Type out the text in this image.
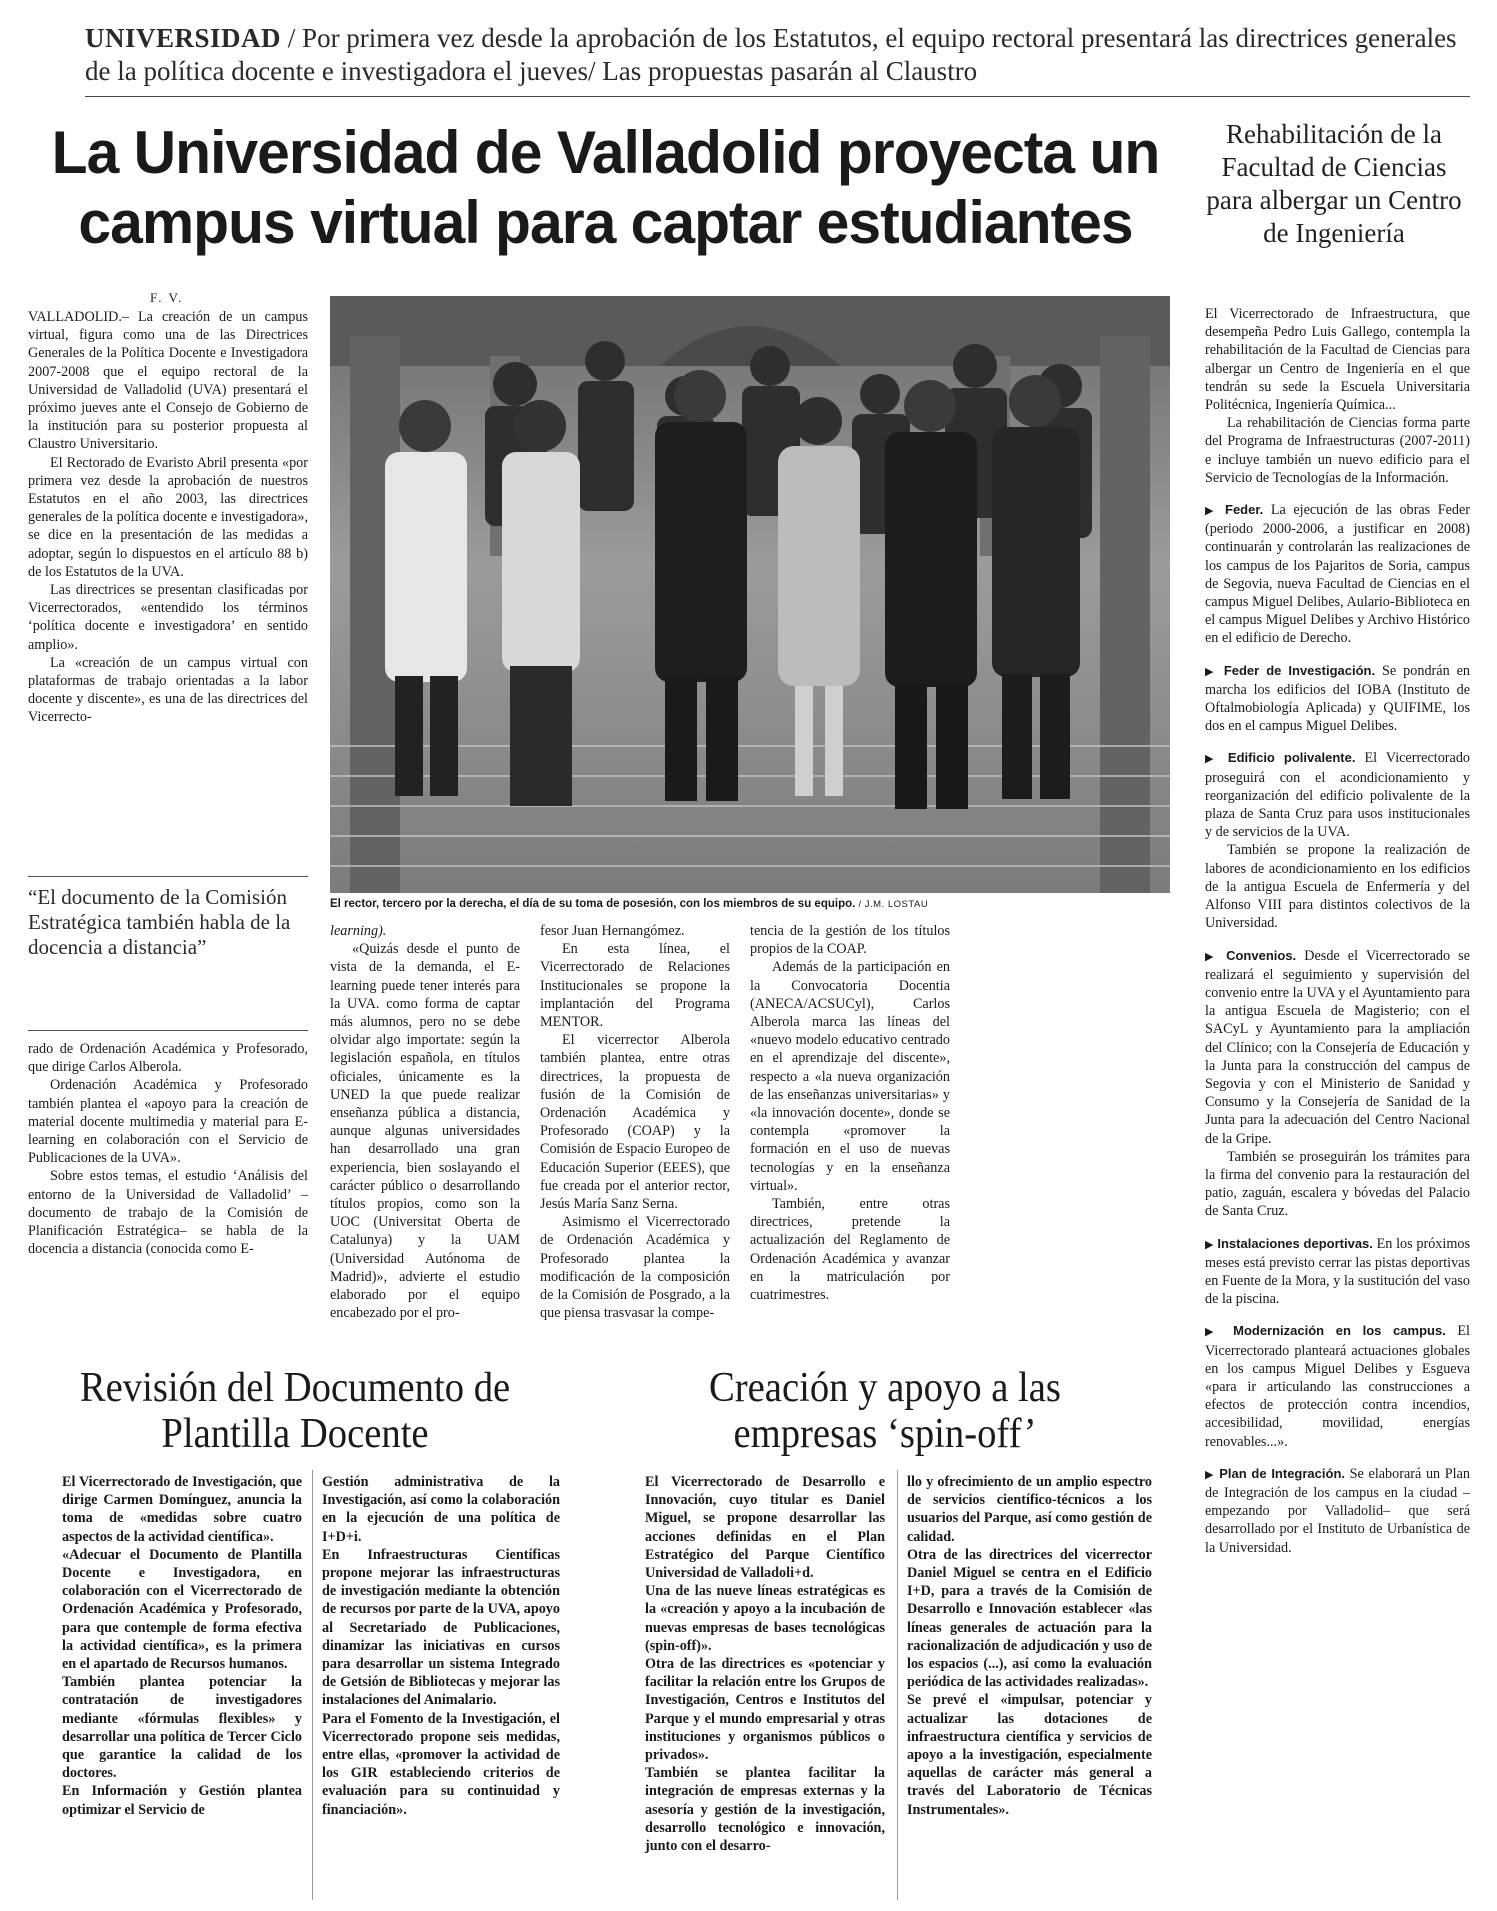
UNIVERSIDAD / Por primera vez desde la aprobación de los Estatutos, el equipo rectoral presentará las directrices generales de la política docente e investigadora el jueves/ Las propuestas pasarán al Claustro
La Universidad de Valladolid proyecta un campus virtual para captar estudiantes
F. V.

VALLADOLID.– La creación de un campus virtual, figura como una de las Directrices Generales de la Política Docente e Investigadora 2007-2008 que el equipo rectoral de la Universidad de Valladolid (UVA) presentará el próximo jueves ante el Consejo de Gobierno de la institución para su posterior propuesta al Claustro Universitario.

El Rectorado de Evaristo Abril presenta «por primera vez desde la aprobación de nuestros Estatutos en el año 2003, las directrices generales de la política docente e investigadora», se dice en la presentación de las medidas a adoptar, según lo dispuestos en el artículo 88 b) de los Estatutos de la UVA.

Las directrices se presentan clasificadas por Vicerrectorados, «entendido los términos ‘política docente e investigadora’ en sentido amplio».

La «creación de un campus virtual con plataformas de trabajo orientadas a la labor docente y discente», es una de las directrices del Vicerrecto-

“El documento de la Comisión Estratégica también habla de la docencia a distancia”

rado de Ordenación Académica y Profesorado, que dirige Carlos Alberola.

Ordenación Académica y Profesorado también plantea el «apoyo para la creación de material docente multimedia y material para E-learning en colaboración con el Servicio de Publicaciones de la UVA».

Sobre estos temas, el estudio ‘Análisis del entorno de la Universidad de Valladolid’ –documento de trabajo de la Comisión de Planificación Estratégica– se habla de la docencia a distancia (conocida como E-

El rector, tercero por la derecha, el día de su toma de posesión, con los miembros de su equipo. / J.M. LOSTAU

learning).

«Quizás desde el punto de vista de la demanda, el E-learning puede tener interés para la UVA. como forma de captar más alumnos, pero no se debe olvidar algo importate: según la legislación española, en títulos oficiales, únicamente es la UNED la que puede realizar enseñanza pública a distancia, aunque algunas universidades han desarrollado una gran experiencia, bien soslayando el carácter público o desarrollando títulos propios, como son la UOC (Universitat Oberta de Catalunya) y la UAM (Universidad Autónoma de Madrid)», advierte el estudio elaborado por el equipo encabezado por el pro-

fesor Juan Hernangómez.

En esta línea, el Vicerrectorado de Relaciones Institucionales se propone la implantación del Programa MENTOR.

El vicerrector Alberola también plantea, entre otras directrices, la propuesta de fusión de la Comisión de Ordenación Académica y Profesorado (COAP) y la Comisión de Espacio Europeo de Educación Superior (EEES), que fue creada por el anterior rector, Jesús María Sanz Serna.

Asimismo el Vicerrectorado de Ordenación Académica y Profesorado plantea la modificación de la composición de la Comisión de Posgrado, a la que piensa trasvasar la compe-

tencia de la gestión de los títulos propios de la COAP.

Además de la participación en la Convocatoria Docentia (ANECA/ACSUCyl), Carlos Alberola marca las líneas del «nuevo modelo educativo centrado en el aprendizaje del discente», respecto a «la nueva organización de las enseñanzas universitarias» y «la innovación docente», donde se contempla «promover la formación en el uso de nuevas tecnologías y en la enseñanza virtual».

También, entre otras directrices, pretende la actualización del Reglamento de Ordenación Académica y avanzar en la matriculación por cuatrimestres.

Rehabilitación de la Facultad de Ciencias para albergar un Centro de Ingeniería

El Vicerrectorado de Infraestructura, que desempeña Pedro Luis Gallego, contempla la rehabilitación de la Facultad de Ciencias para albergar un Centro de Ingeniería en el que tendrán su sede la Escuela Universitaria Politécnica, Ingeniería Química...

La rehabilitación de Ciencias forma parte del Programa de Infraestructuras (2007-2011) e incluye también un nuevo edificio para el Servicio de Tecnologías de la Información.

▶ Feder. La ejecución de las obras Feder (periodo 2000-2006, a justificar en 2008) continuarán y controlarán las realizaciones de los campus de los Pajaritos de Soria, campus de Segovia, nueva Facultad de Ciencias en el campus Miguel Delibes, Aulario-Biblioteca en el campus Miguel Delibes y Archivo Histórico en el edificio de Derecho.

▶ Feder de Investigación. Se pondrán en marcha los edificios del IOBA (Instituto de Oftalmobiología Aplicada) y QUIFIME, los dos en el campus Miguel Delibes.

▶ Edificio polivalente. El Vicerrectorado proseguirá con el acondicionamiento y reorganización del edificio polivalente de la plaza de Santa Cruz para usos institucionales y de servicios de la UVA.

También se propone la realización de labores de acondicionamiento en los edificios de la antigua Escuela de Enfermería y del Alfonso VIII para distintos colectivos de la Universidad.

▶ Convenios. Desde el Vicerrectorado se realizará el seguimiento y supervisión del convenio entre la UVA y el Ayuntamiento para la antigua Escuela de Magisterio; con el SACyL y Ayuntamiento para la ampliación del Clínico; con la Consejería de Educación y la Junta para la construcción del campus de Segovia y con el Ministerio de Sanidad y Consumo y la Consejería de Sanidad de la Junta para la adecuación del Centro Nacional de la Gripe.

También se proseguirán los trámites para la firma del convenio para la restauración del patio, zaguán, escalera y bóvedas del Palacio de Santa Cruz.

▶ Instalaciones deportivas. En los próximos meses está previsto cerrar las pistas deportivas en Fuente de la Mora, y la sustitución del vaso de la piscina.

▶ Modernización en los campus. El Vicerrectorado planteará actuaciones globales en los campus Miguel Delibes y Esgueva «para ir articulando las construcciones a efectos de protección contra incendios, accesibilidad, movilidad, energías renovables...».

▶ Plan de Integración. Se elaborará un Plan de Integración de los campus en la ciudad –empezando por Valladolid– que será desarrollado por el Instituto de Urbanística de la Universidad.

Revisión del Documento de Plantilla Docente

El Vicerrectorado de Investigación, que dirige Carmen Domínguez, anuncia la toma de «medidas sobre cuatro aspectos de la actividad científica».

«Adecuar el Documento de Plantilla Docente e Investigadora, en colaboración con el Vicerrectorado de Ordenación Académica y Profesorado, para que contemple de forma efectiva la actividad científica», es la primera en el apartado de Recursos humanos.

También plantea potenciar la contratación de investigadores mediante «fórmulas flexibles» y desarrollar una política de Tercer Ciclo que garantice la calidad de los doctores.

En Información y Gestión plantea optimizar el Servicio de

Gestión administrativa de la Investigación, así como la colaboración en la ejecución de una política de I+D+i.

En Infraestructuras Científicas propone mejorar las infraestructuras de investigación mediante la obtención de recursos por parte de la UVA, apoyo al Secretariado de Publicaciones, dinamizar las iniciativas en cursos para desarrollar un sistema Integrado de Getsión de Bibliotecas y mejorar las instalaciones del Animalario.

Para el Fomento de la Investigación, el Vicerrectorado propone seis medidas, entre ellas, «promover la actividad de los GIR estableciendo criterios de evaluación para su continuidad y financiación».

Creación y apoyo a las empresas ‘spin-off’

El Vicerrectorado de Desarrollo e Innovación, cuyo titular es Daniel Miguel, se propone desarrollar las acciones definidas en el Plan Estratégico del Parque Científico Universidad de Valladoli+d.

Una de las nueve líneas estratégicas es la «creación y apoyo a la incubación de nuevas empresas de bases tecnológicas (spin-off)».

Otra de las directrices es «potenciar y facilitar la relación entre los Grupos de Investigación, Centros e Institutos del Parque y el mundo empresarial y otras instituciones y organismos públicos o privados».

También se plantea facilitar la integración de empresas externas y la asesoría y gestión de la investigación, desarrollo tecnológico e innovación, junto con el desarro-

llo y ofrecimiento de un amplio espectro de servicios científico-técnicos a los usuarios del Parque, así como gestión de calidad.

Otra de las directrices del vicerrector Daniel Miguel se centra en el Edificio I+D, para a través de la Comisión de Desarrollo e Innovación establecer «las líneas generales de actuación para la racionalización de adjudicación y uso de los espacios (...), así como la evaluación periódica de las actividades realizadas».

Se prevé el «impulsar, potenciar y actualizar las dotaciones de infraestructura científica y servicios de apoyo a la investigación, especialmente aquellas de carácter más general a través del Laboratorio de Técnicas Instrumentales».
